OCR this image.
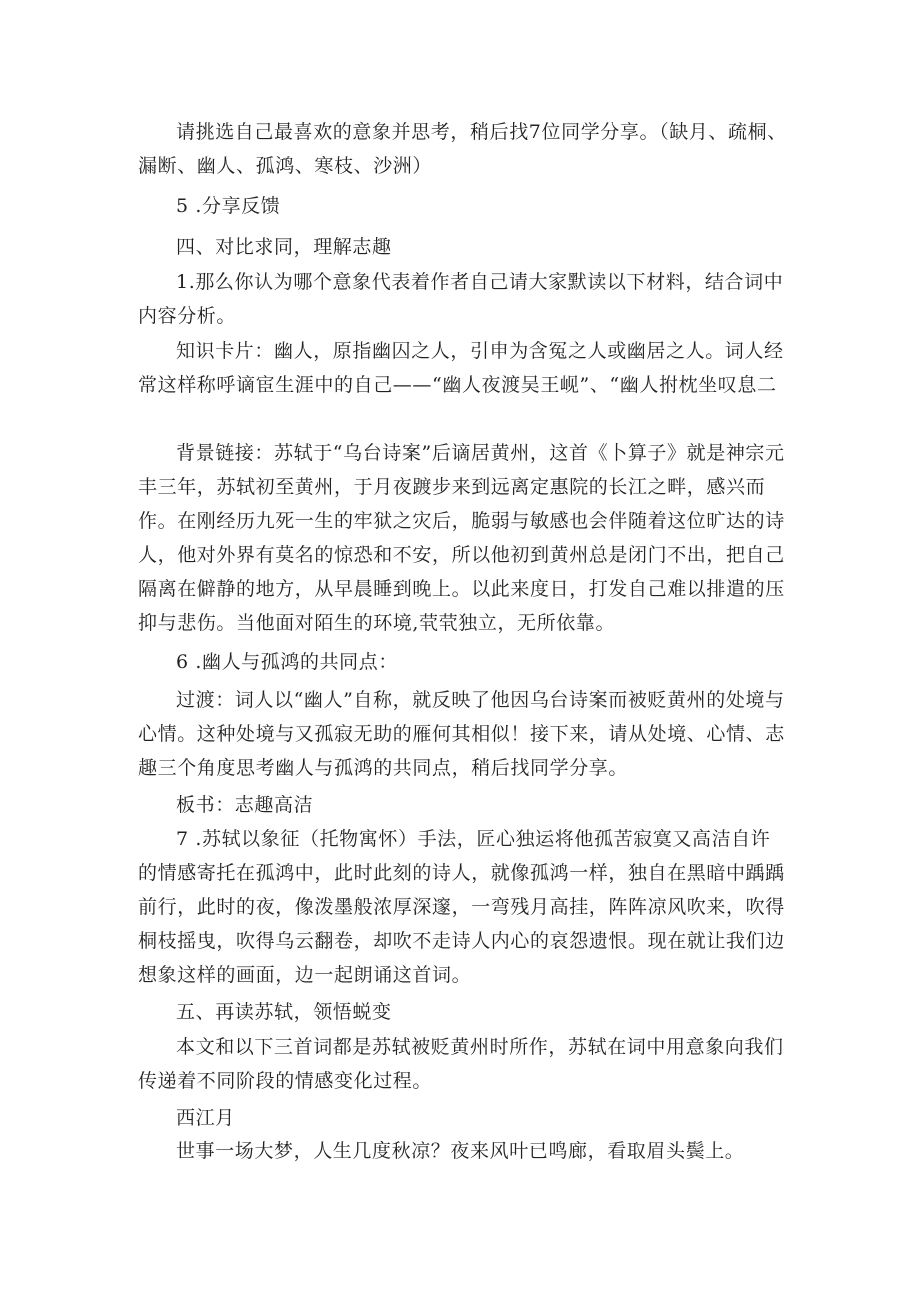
请挑选自己最喜欢的意象并思考，稍后找7位同学分享。（缺月、疏桐、漏断、幽人、孤鸿、寒枝、沙洲）

5 .分享反馈

四、对比求同，理解志趣

1.那么你认为哪个意象代表着作者自己请大家默读以下材料，结合词中内容分析。

知识卡片：幽人，原指幽囚之人，引申为含冤之人或幽居之人。词人经常这样称呼谪宦生涯中的自己——“幽人夜渡吴王岘”、“幽人拊枕坐叹息二

背景链接：苏轼于“乌台诗案”后谪居黄州，这首《卜算子》就是神宗元丰三年，苏轼初至黄州，于月夜踱步来到远离定惠院的长江之畔，感兴而作。在刚经历九死一生的牢狱之灾后，脆弱与敏感也会伴随着这位旷达的诗人，他对外界有莫名的惊恐和不安，所以他初到黄州总是闭门不出，把自己隔离在僻静的地方，从早晨睡到晚上。以此来度日，打发自己难以排遣的压抑与悲伤。当他面对陌生的环境,茕茕独立，无所依靠。

6 .幽人与孤鸿的共同点：

过渡：词人以“幽人”自称，就反映了他因乌台诗案而被贬黄州的处境与心情。这种处境与又孤寂无助的雁何其相似！接下来，请从处境、心情、志趣三个角度思考幽人与孤鸿的共同点，稍后找同学分享。

板书：志趣高洁

7 .苏轼以象征（托物寓怀）手法，匠心独运将他孤苦寂寞又高洁自许的情感寄托在孤鸿中，此时此刻的诗人，就像孤鸿一样，独自在黑暗中踽踽前行，此时的夜，像泼墨般浓厚深邃，一弯残月高挂，阵阵凉风吹来，吹得桐枝摇曳，吹得乌云翻卷，却吹不走诗人内心的哀怨遗恨。现在就让我们边想象这样的画面，边一起朗诵这首词。

五、再读苏轼，领悟蜕变

本文和以下三首词都是苏轼被贬黄州时所作，苏轼在词中用意象向我们传递着不同阶段的情感变化过程。

西江月

世事一场大梦，人生几度秋凉？夜来风叶已鸣廊，看取眉头鬓上。
